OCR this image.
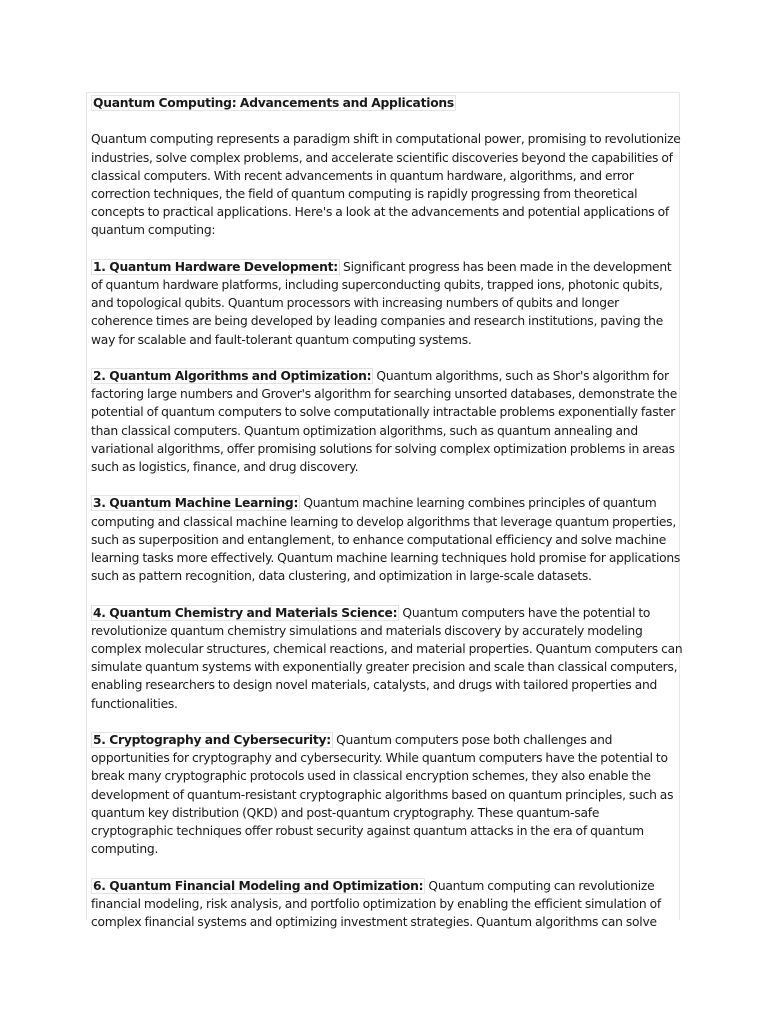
Quantum Computing: Advancements and Applications

Quantum computing represents a paradigm shift in computational power, promising to revolutionize industries, solve complex problems, and accelerate scientific discoveries beyond the capabilities of classical computers. With recent advancements in quantum hardware, algorithms, and error correction techniques, the field of quantum computing is rapidly progressing from theoretical concepts to practical applications. Here's a look at the advancements and potential applications of quantum computing:

1. Quantum Hardware Development: Significant progress has been made in the development of quantum hardware platforms, including superconducting qubits, trapped ions, photonic qubits, and topological qubits. Quantum processors with increasing numbers of qubits and longer coherence times are being developed by leading companies and research institutions, paving the way for scalable and fault-tolerant quantum computing systems.

2. Quantum Algorithms and Optimization: Quantum algorithms, such as Shor's algorithm for factoring large numbers and Grover's algorithm for searching unsorted databases, demonstrate the potential of quantum computers to solve computationally intractable problems exponentially faster than classical computers. Quantum optimization algorithms, such as quantum annealing and variational algorithms, offer promising solutions for solving complex optimization problems in areas such as logistics, finance, and drug discovery.

3. Quantum Machine Learning: Quantum machine learning combines principles of quantum computing and classical machine learning to develop algorithms that leverage quantum properties, such as superposition and entanglement, to enhance computational efficiency and solve machine learning tasks more effectively. Quantum machine learning techniques hold promise for applications such as pattern recognition, data clustering, and optimization in large-scale datasets.

4. Quantum Chemistry and Materials Science: Quantum computers have the potential to revolutionize quantum chemistry simulations and materials discovery by accurately modeling complex molecular structures, chemical reactions, and material properties. Quantum computers can simulate quantum systems with exponentially greater precision and scale than classical computers, enabling researchers to design novel materials, catalysts, and drugs with tailored properties and functionalities.

5. Cryptography and Cybersecurity: Quantum computers pose both challenges and opportunities for cryptography and cybersecurity. While quantum computers have the potential to break many cryptographic protocols used in classical encryption schemes, they also enable the development of quantum-resistant cryptographic algorithms based on quantum principles, such as quantum key distribution (QKD) and post-quantum cryptography. These quantum-safe cryptographic techniques offer robust security against quantum attacks in the era of quantum computing.

6. Quantum Financial Modeling and Optimization: Quantum computing can revolutionize financial modeling, risk analysis, and portfolio optimization by enabling the efficient simulation of complex financial systems and optimizing investment strategies. Quantum algorithms can solve
